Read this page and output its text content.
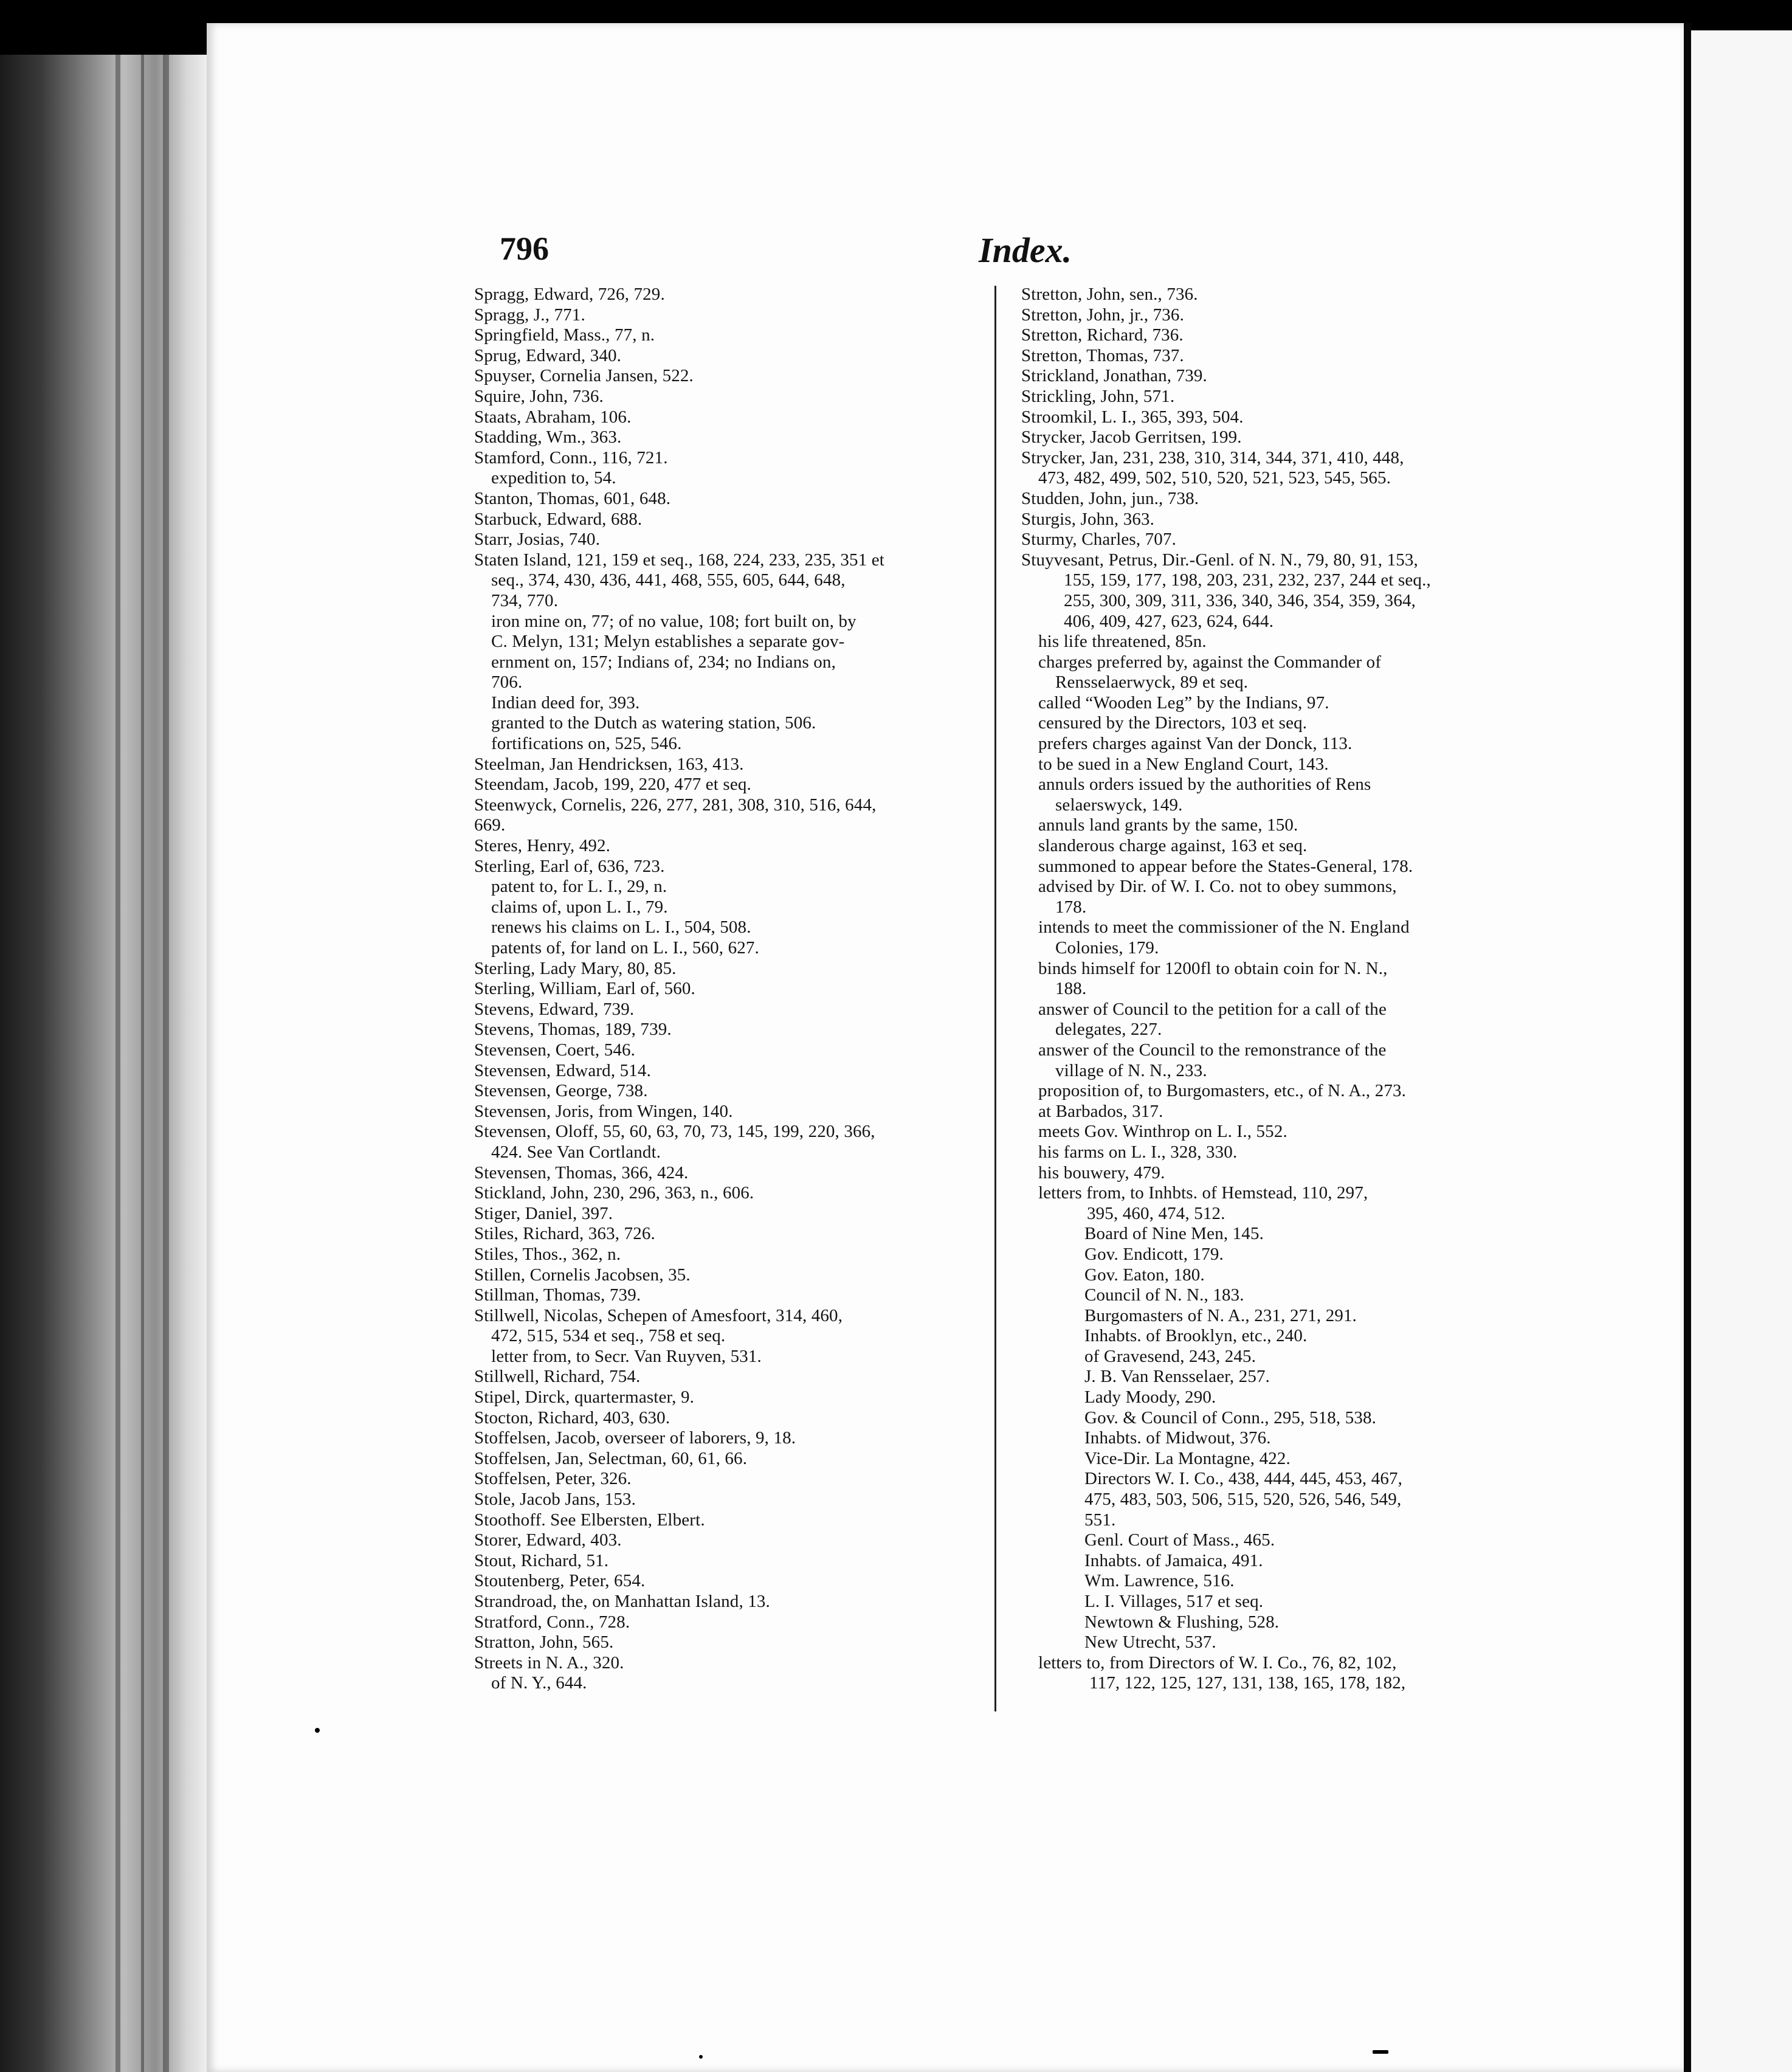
796	Index.
Spragg, Edward, 726, 729.
Spragg, J., 771.
Springfield, Mass., 77, n.
Sprug, Edward, 340.
Spuyser, Cornelia Jansen, 522.
Squire, John, 736.
Staats, Abraham, 106.
Stadding, Wm., 363.
Stamford, Conn., 116, 721.
expedition to, 54.
Stanton, Thomas, 601, 648.
Starbuck, Edward, 688.
Starr, Josias, 740.
Staten Island, 121, 159 et seq., 168, 224, 233, 235, 351 et
seq., 374, 430, 436, 441, 468, 555, 605, 644, 648,
734, 770.
iron mine on, 77; of no value, 108; fort built on, by
C. Melyn, 131; Melyn establishes a separate gov-
ernment on, 157; Indians of, 234; no Indians on,
706.
Indian deed for, 393.
granted to the Dutch as watering station, 506.
fortifications on, 525, 546.
Steelman, Jan Hendricksen, 163, 413.
Steendam, Jacob, 199, 220, 477 et seq.
Steenwyck, Cornelis, 226, 277, 281, 308, 310, 516, 644,
669.
Steres, Henry, 492.
Sterling, Earl of, 636, 723.
patent to, for L. I., 29, n.
claims of, upon L. I., 79.
renews his claims on L. I., 504, 508.
patents of, for land on L. I., 560, 627.
Sterling, Lady Mary, 80, 85.
Sterling, William, Earl of, 560.
Stevens, Edward, 739.
Stevens, Thomas, 189, 739.
Stevensen, Coert, 546.
Stevensen, Edward, 514.
Stevensen, George, 738.
Stevensen, Joris, from Wingen, 140.
Stevensen, Oloff, 55, 60, 63, 70, 73, 145, 199, 220, 366,
424. See Van Cortlandt.
Stevensen, Thomas, 366, 424.
Stickland, John, 230, 296, 363, n., 606.
Stiger, Daniel, 397.
Stiles, Richard, 363, 726.
Stiles, Thos., 362, n.
Stillen, Cornelis Jacobsen, 35.
Stillman, Thomas, 739.
Stillwell, Nicolas, Schepen of Amesfoort, 314, 460,
472, 515, 534 et seq., 758 et seq.
letter from, to Secr. Van Ruyven, 531.
Stillwell, Richard, 754.
Stipel, Dirck, quartermaster, 9.
Stocton, Richard, 403, 630.
Stoffelsen, Jacob, overseer of laborers, 9, 18.
Stoffelsen, Jan, Selectman, 60, 61, 66.
Stoffelsen, Peter, 326.
Stole, Jacob Jans, 153.
Stoothoff. See Elbersten, Elbert.
Storer, Edward, 403.
Stout, Richard, 51.
Stoutenberg, Peter, 654.
Strandroad, the, on Manhattan Island, 13.
Stratford, Conn., 728.
Stratton, John, 565.
Streets in N. A., 320.
of N. Y., 644.
Stretton, John, sen., 736.
Stretton, John, jr., 736.
Stretton, Richard, 736.
Stretton, Thomas, 737.
Strickland, Jonathan, 739.
Strickling, John, 571.
Stroomkil, L. I., 365, 393, 504.
Strycker, Jacob Gerritsen, 199.
Strycker, Jan, 231, 238, 310, 314, 344, 371, 410, 448,
473, 482, 499, 502, 510, 520, 521, 523, 545, 565.
Studden, John, jun., 738.
Sturgis, John, 363.
Sturmy, Charles, 707.
Stuyvesant, Petrus, Dir.-Genl. of N. N., 79, 80, 91, 153,
155, 159, 177, 198, 203, 231, 232, 237, 244 et seq.,
255, 300, 309, 311, 336, 340, 346, 354, 359, 364,
406, 409, 427, 623, 624, 644.
his life threatened, 85n.
charges preferred by, against the Commander of
Rensselaerwyck, 89 et seq.
called “Wooden Leg” by the Indians, 97.
censured by the Directors, 103 et seq.
prefers charges against Van der Donck, 113.
to be sued in a New England Court, 143.
annuls orders issued by the authorities of Rens
selaerswyck, 149.
annuls land grants by the same, 150.
slanderous charge against, 163 et seq.
summoned to appear before the States-General, 178.
advised by Dir. of W. I. Co. not to obey summons,
178.
intends to meet the commissioner of the N. England
Colonies, 179.
binds himself for 1200fl to obtain coin for N. N.,
188.
answer of Council to the petition for a call of the
delegates, 227.
answer of the Council to the remonstrance of the
village of N. N., 233.
proposition of, to Burgomasters, etc., of N. A., 273.
at Barbados, 317.
meets Gov. Winthrop on L. I., 552.
his farms on L. I., 328, 330.
his bouwery, 479.
letters from, to Inhbts. of Hemstead, 110, 297,
395, 460, 474, 512.
Board of Nine Men, 145.
Gov. Endicott, 179.
Gov. Eaton, 180.
Council of N. N., 183.
Burgomasters of N. A., 231, 271, 291.
Inhabts. of Brooklyn, etc., 240.
of Gravesend, 243, 245.
J. B. Van Rensselaer, 257.
Lady Moody, 290.
Gov. & Council of Conn., 295, 518, 538.
Inhabts. of Midwout, 376.
Vice-Dir. La Montagne, 422.
Directors W. I. Co., 438, 444, 445, 453, 467,
475, 483, 503, 506, 515, 520, 526, 546, 549,
551.
Genl. Court of Mass., 465.
Inhabts. of Jamaica, 491.
Wm. Lawrence, 516.
L. I. Villages, 517 et seq.
Newtown & Flushing, 528.
New Utrecht, 537.
letters to, from Directors of W. I. Co., 76, 82, 102,
117, 122, 125, 127, 131, 138, 165, 178, 182,
